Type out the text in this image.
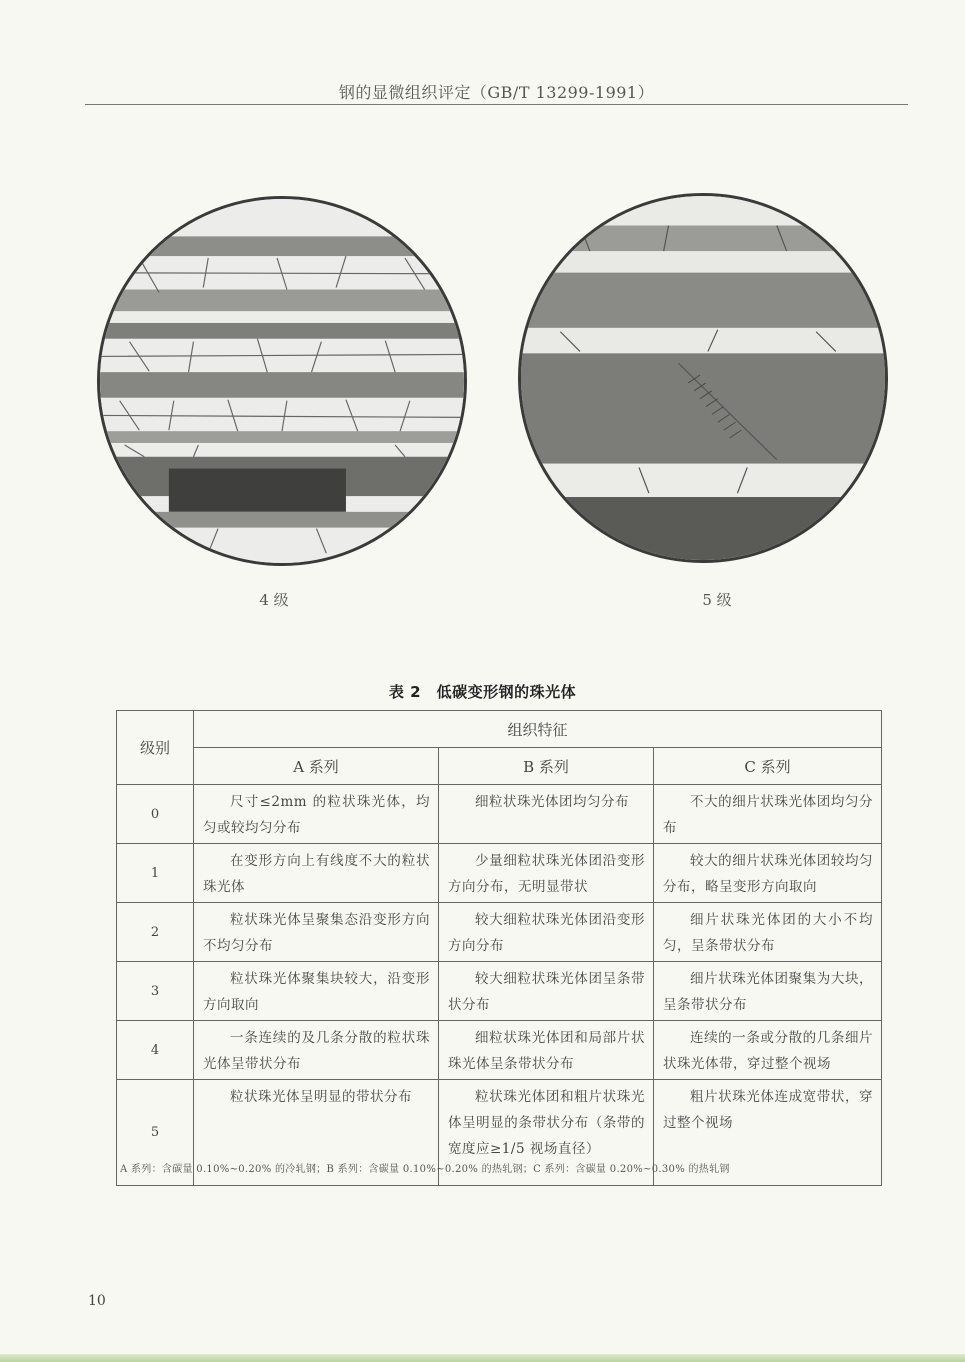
钢的显微组织评定（GB/T 13299-1991）
4 级	5 级
表 2　低碳变形钢的珠光体
级别	组织特征		
	A 系列	B 系列	C 系列
0	尺寸≤2mm 的粒状珠光体，均匀或较均匀分布	细粒状珠光体团均匀分布	不大的细片状珠光体团均匀分布

1	在变形方向上有线度不大的粒状珠光体	少量细粒状珠光体团沿变形方向分布，无明显带状	较大的细片状珠光体团较均匀分布，略呈变形方向取向

2	粒状珠光体呈聚集态沿变形方向不均匀分布	较大细粒状珠光体团沿变形方向分布	细片状珠光体团的大小不均匀，呈条带状分布

3	粒状珠光体聚集块较大，沿变形方向取向	较大细粒状珠光体团呈条带状分布	细片状珠光体团聚集为大块，呈条带状分布

4	一条连续的及几条分散的粒状珠光体呈带状分布	细粒状珠光体团和局部片状珠光体呈条带状分布	连续的一条或分散的几条细片状珠光体带，穿过整个视场

5	粒状珠光体呈明显的带状分布	粒状珠光体团和粗片状珠光体呈明显的条带状分布（条带的宽度应≥1/5 视场直径）	粗片状珠光体连成宽带状，穿过整个视场
A 系列：含碳量 0.10%~0.20% 的冷轧钢；B 系列：含碳量 0.10%~0.20% 的热轧钢；C 系列：含碳量 0.20%~0.30% 的热轧钢
10
